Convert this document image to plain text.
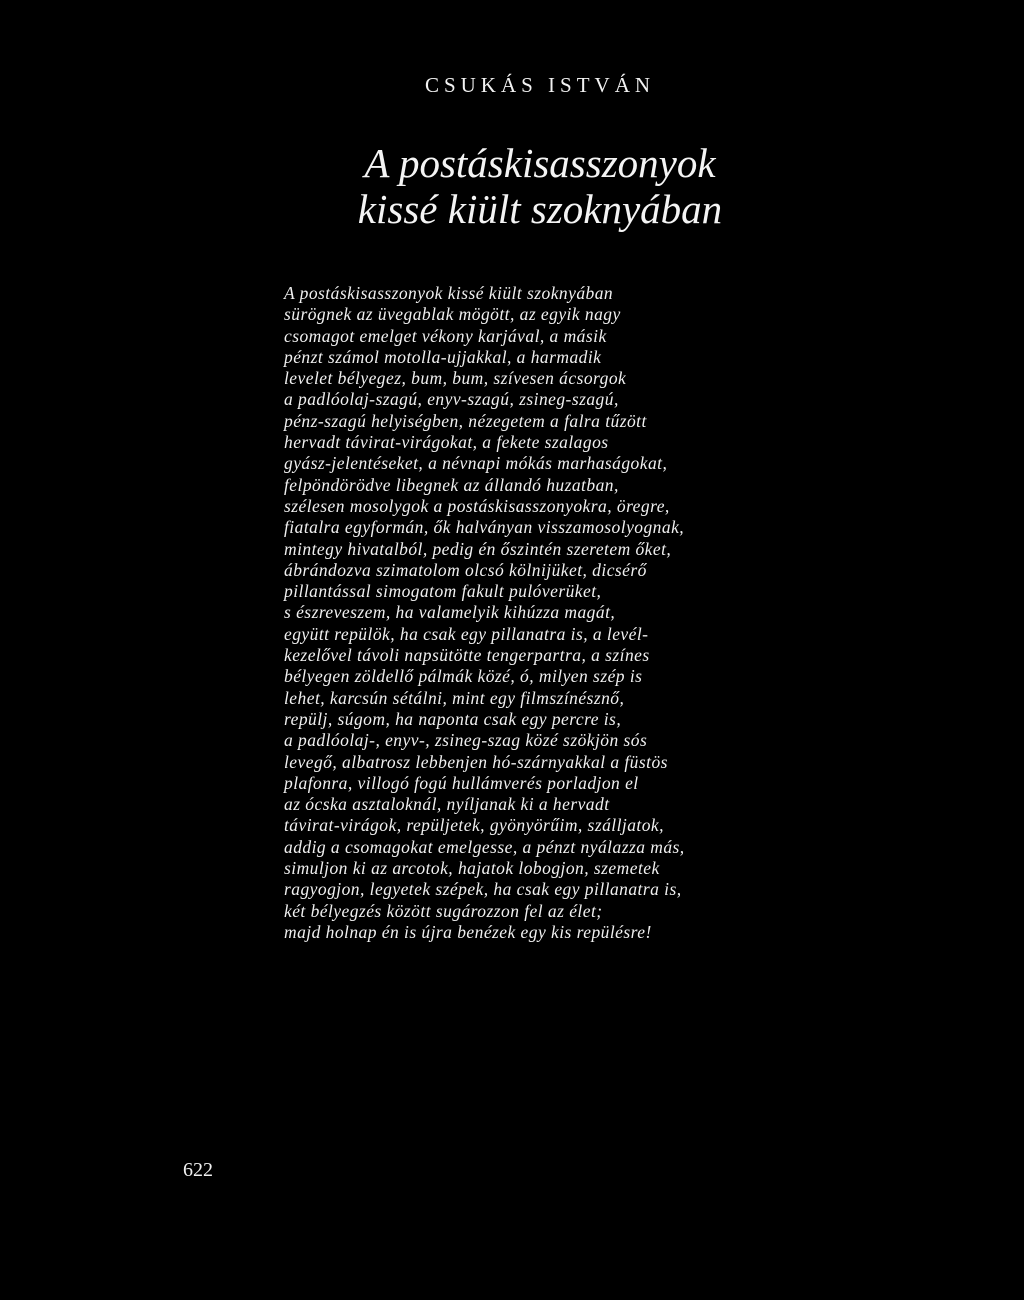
CSUKÁS ISTVÁN
A postáskisasszonyok
kissé kiült szoknyában
A postáskisasszonyok kissé kiült szoknyában
sürögnek az üvegablak mögött, az egyik nagy
csomagot emelget vékony karjával, a másik
pénzt számol motolla-ujjakkal, a harmadik
levelet bélyegez, bum, bum, szívesen ácsorgok
a padlóolaj-szagú, enyv-szagú, zsineg-szagú,
pénz-szagú helyiségben, nézegetem a falra tűzött
hervadt távirat-virágokat, a fekete szalagos
gyász-jelentéseket, a névnapi mókás marhaságokat,
felpöndörödve libegnek az állandó huzatban,
szélesen mosolygok a postáskisasszonyokra, öregre,
fiatalra egyformán, ők halványan visszamosolyognak,
mintegy hivatalból, pedig én őszintén szeretem őket,
ábrándozva szimatolom olcsó kölnijüket, dicsérő
pillantással simogatom fakult pulóverüket,
s észreveszem, ha valamelyik kihúzza magát,
együtt repülök, ha csak egy pillanatra is, a levél-
kezelővel távoli napsütötte tengerpartra, a színes
bélyegen zöldellő pálmák közé, ó, milyen szép is
lehet, karcsún sétálni, mint egy filmszínésznő,
repülj, súgom, ha naponta csak egy percre is,
a padlóolaj-, enyv-, zsineg-szag közé szökjön sós
levegő, albatrosz lebbenjen hó-szárnyakkal a füstös
plafonra, villogó fogú hullámverés porladjon el
az ócska asztaloknál, nyíljanak ki a hervadt
távirat-virágok, repüljetek, gyönyörűim, szálljatok,
addig a csomagokat emelgesse, a pénzt nyálazza más,
simuljon ki az arcotok, hajatok lobogjon, szemetek
ragyogjon, legyetek szépek, ha csak egy pillanatra is,
két bélyegzés között sugározzon fel az élet;
majd holnap én is újra benézek egy kis repülésre!
622
